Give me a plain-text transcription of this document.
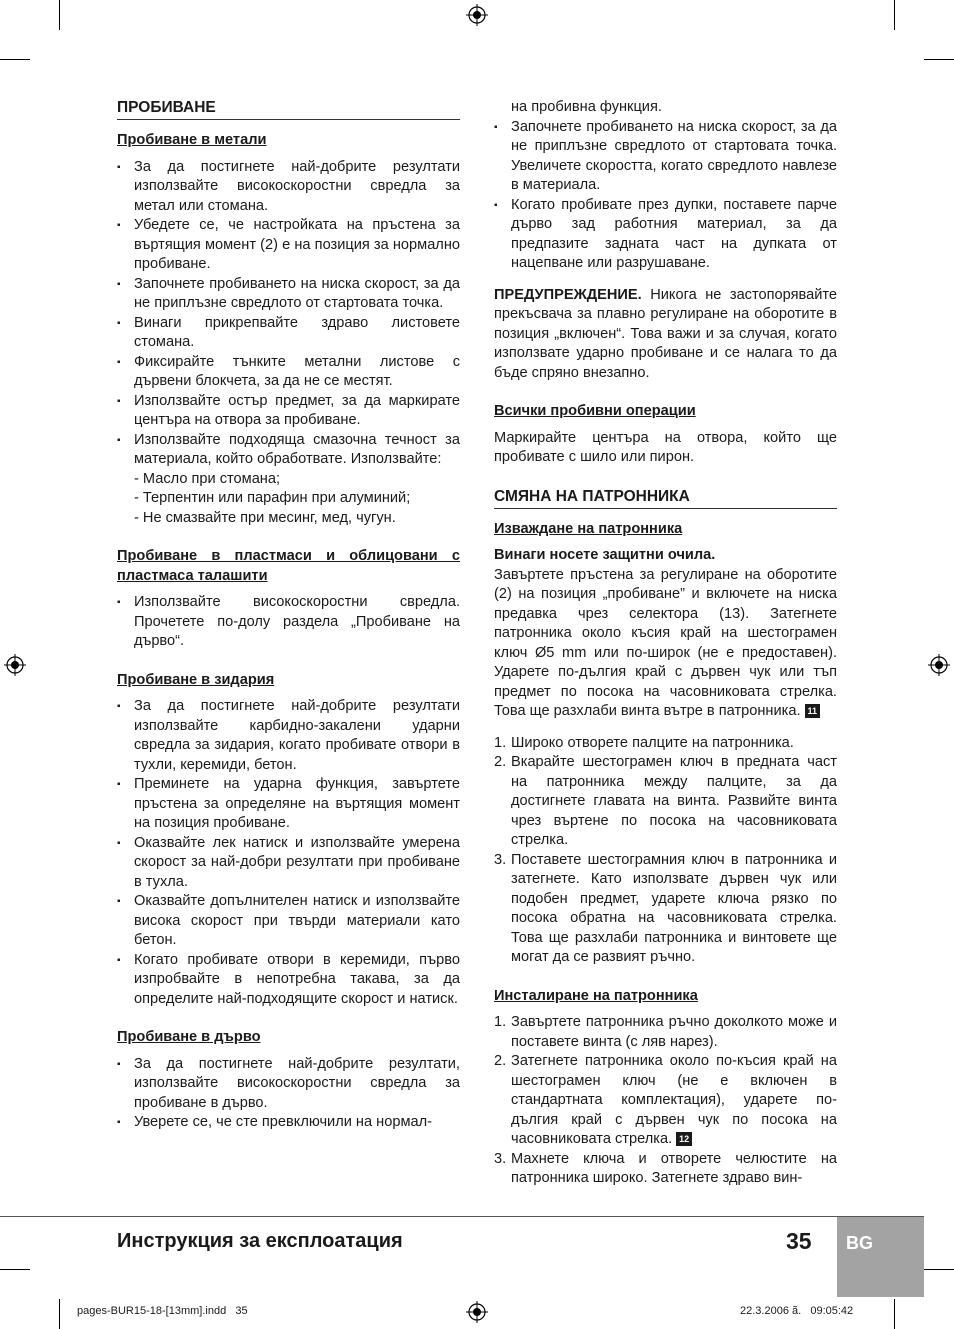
ПРОБИВАНЕ
Пробиване в метали
▪ За да постигнете най-добрите резултати използвайте високоскоростни свредла за метал или стомана.
▪ Убедете се, че настройката на пръстена за въртящия момент (2) е на позиция за нормално пробиване.
▪ Започнете пробиването на ниска скорост, за да не приплъзне свредлото от стартовата точка.
▪ Винаги прикрепвайте здраво листовете стомана.
▪ Фиксирайте тънките метални листове с дървени блокчета, за да не се местят.
▪ Използвайте остър предмет, за да маркирате центъра на отвора за пробиване.
▪ Използвайте подходяща смазочна течност за материала, който обработвате. Използвайте:
- Масло при стомана;
- Терпентин или парафин при алуминий;
- Не смазвайте при месинг, мед, чугун.
Пробиване в пластмаси и облицовани с пластмаса талашити
▪ Използвайте високоскоростни свредла. Прочетете по-долу раздела „Пробиване на дърво“.
Пробиване в зидария
▪ За да постигнете най-добрите резултати използвайте карбидно-закалени ударни свредла за зидария, когато пробивате отвори в тухли, керемиди, бетон.
▪ Преминете на ударна функция, завъртете пръстена за определяне на въртящия момент на позиция пробиване.
▪ Оказвайте лек натиск и използвайте умерена скорост за най-добри резултати при пробиване в тухла.
▪ Оказвайте допълнителен натиск и използвайте висока скорост при твърди материали като бетон.
▪ Когато пробивате отвори в керемиди, първо изпробвайте в непотребна такава, за да определите най-подходящите скорост и натиск.
Пробиване в дърво
▪ За да постигнете най-добрите резултати, използвайте високоскоростни свредла за пробиване в дърво.
▪ Уверете се, че сте превключили на нормал-
на пробивна функция.
▪ Започнете пробиването на ниска скорост, за да не приплъзне свредлото от стартовата точка. Увеличете скоростта, когато свредлото навлезе в материала.
▪ Когато пробивате през дупки, поставете парче дърво зад работния материал, за да предпазите задната част на дупката от нацепване или разрушаване.

ПРЕДУПРЕЖДЕНИЕ. Никога не застопорявайте прекъсвача за плавно регулиране на оборотите в позиция „включен“. Това важи и за случая, когато използвате ударно пробиване и се налага то да бъде спряно внезапно.

Всички пробивни операции

Маркирайте центъра на отвора, който ще пробивате с шило или пирон.

СМЯНА НА ПАТРОННИКА
Изваждане на патронника

Винаги носете защитни очила.

Завъртете пръстена за регулиране на оборотите (2) на позиция „пробиване” и включете на ниска предавка чрез селектора (13). Затегнете патронника около късия край на шестограмен ключ Ø5 mm или по-широк (не е предоставен). Ударете по-дългия край с дървен чук или тъп предмет по посока на часовниковата стрелка. Това ще разхлаби винта вътре в патронника. 11

1. Широко отворете палците на патронника.
2. Вкарайте шестограмен ключ в предната част на патронника между палците, за да достигнете главата на винта. Развийте винта чрез въртене по посока на часовниковата стрелка.
3. Поставете шестограмния ключ в патронника и затегнете. Като използвате дървен чук или подобен предмет, ударете ключа рязко по посока обратна на часовниковата стрелка. Това ще разхлаби патронника и винтовете ще могат да се развият ръчно.
Инсталиране на патронника
1. Завъртете патронника ръчно доколкото може и поставете винта (с ляв нарез).
2. Затегнете патронника около по-късия край на шестограмен ключ (не е включен в стандартната комплектация), ударете по-дългия край с дървен чук по посока на часовниковата стрелка. 12
3. Махнете ключа и отворете челюстите на патронника широко. Затегнете здраво вин-
Инструкция за експлоатация	35 BG
pages-BUR15-18-[13mm].indd   35	22.3.2006 ã.   09:05:42
